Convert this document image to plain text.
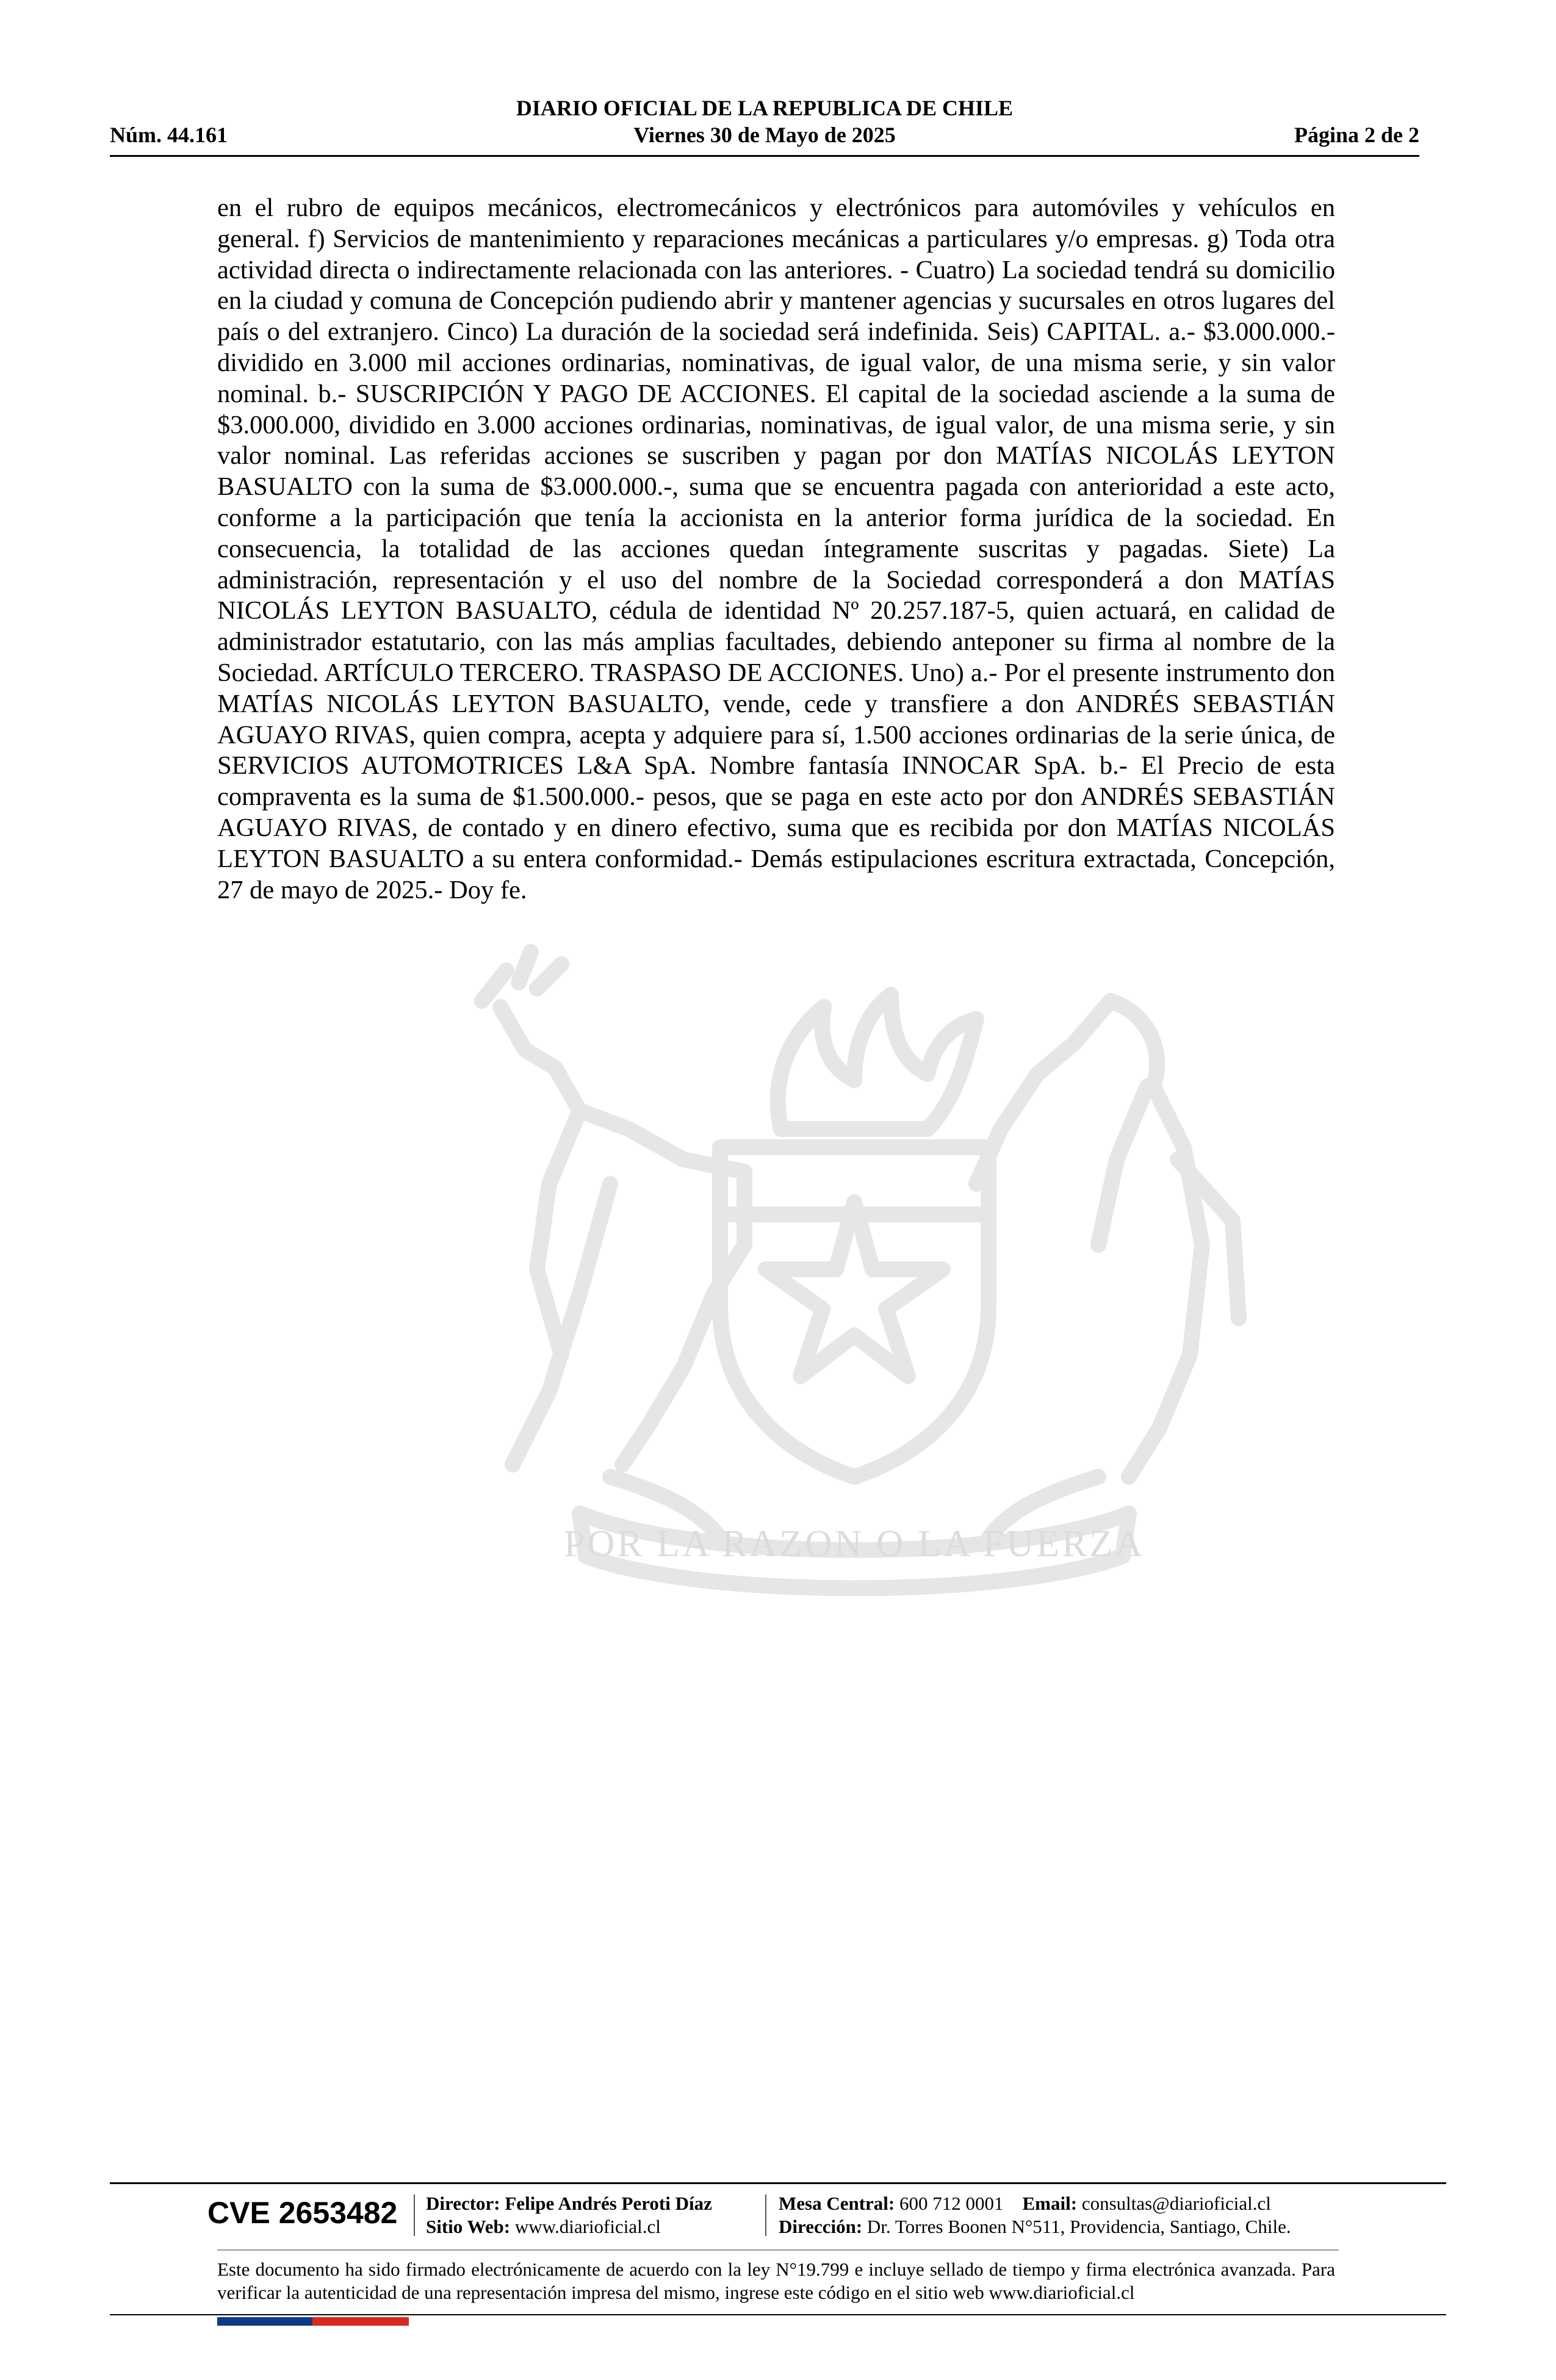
DIARIO OFICIAL DE LA REPUBLICA DE CHILE
Núm. 44.161	Viernes 30 de Mayo de 2025	Página 2 de 2
POR LA RAZON O LA FUERZA

en el rubro de equipos mecánicos, electromecánicos y electrónicos para automóviles y vehículos en general. f) Servicios de mantenimiento y reparaciones mecánicas a particulares y/o empresas. g) Toda otra actividad directa o indirectamente relacionada con las anteriores. - Cuatro) La sociedad tendrá su domicilio en la ciudad y comuna de Concepción pudiendo abrir y mantener agencias y sucursales en otros lugares del país o del extranjero. Cinco) La duración de la sociedad será indefinida. Seis) CAPITAL. a.- $3.000.000.- dividido en 3.000 mil acciones ordinarias, nominativas, de igual valor, de una misma serie, y sin valor nominal. b.- SUSCRIPCIÓN Y PAGO DE ACCIONES. El capital de la sociedad asciende a la suma de $3.000.000, dividido en 3.000 acciones ordinarias, nominativas, de igual valor, de una misma serie, y sin valor nominal. Las referidas acciones se suscriben y pagan por don MATÍAS NICOLÁS LEYTON BASUALTO con la suma de $3.000.000.-, suma que se encuentra pagada con anterioridad a este acto, conforme a la participación que tenía la accionista en la anterior forma jurídica de la sociedad. En consecuencia, la totalidad de las acciones quedan íntegramente suscritas y pagadas. Siete) La administración, representación y el uso del nombre de la Sociedad corresponderá a don MATÍAS NICOLÁS LEYTON BASUALTO, cédula de identidad Nº 20.257.187-5, quien actuará, en calidad de administrador estatutario, con las más amplias facultades, debiendo anteponer su firma al nombre de la Sociedad. ARTÍCULO TERCERO. TRASPASO DE ACCIONES. Uno) a.- Por el presente instrumento don MATÍAS NICOLÁS LEYTON BASUALTO, vende, cede y transfiere a don ANDRÉS SEBASTIÁN AGUAYO RIVAS, quien compra, acepta y adquiere para sí, 1.500 acciones ordinarias de la serie única, de SERVICIOS AUTOMOTRICES L&A SpA. Nombre fantasía INNOCAR SpA. b.- El Precio de esta compraventa es la suma de $1.500.000.- pesos, que se paga en este acto por don ANDRÉS SEBASTIÁN AGUAYO RIVAS, de contado y en dinero efectivo, suma que es recibida por don MATÍAS NICOLÁS LEYTON BASUALTO a su entera conformidad.- Demás estipulaciones escritura extractada, Concepción, 27 de mayo de 2025.- Doy fe.

CVE 2653482 Director: Felipe Andrés Peroti Díaz
Sitio Web: www.diarioficial.cl
Mesa Central: 600 712 0001 Email: consultas@diarioficial.cl
Dirección: Dr. Torres Boonen N°511, Providencia, Santiago, Chile.
Este documento ha sido firmado electrónicamente de acuerdo con la ley N°19.799 e incluye sellado de tiempo y firma electrónica avanzada. Para verificar la autenticidad de una representación impresa del mismo, ingrese este código en el sitio web www.diarioficial.cl
